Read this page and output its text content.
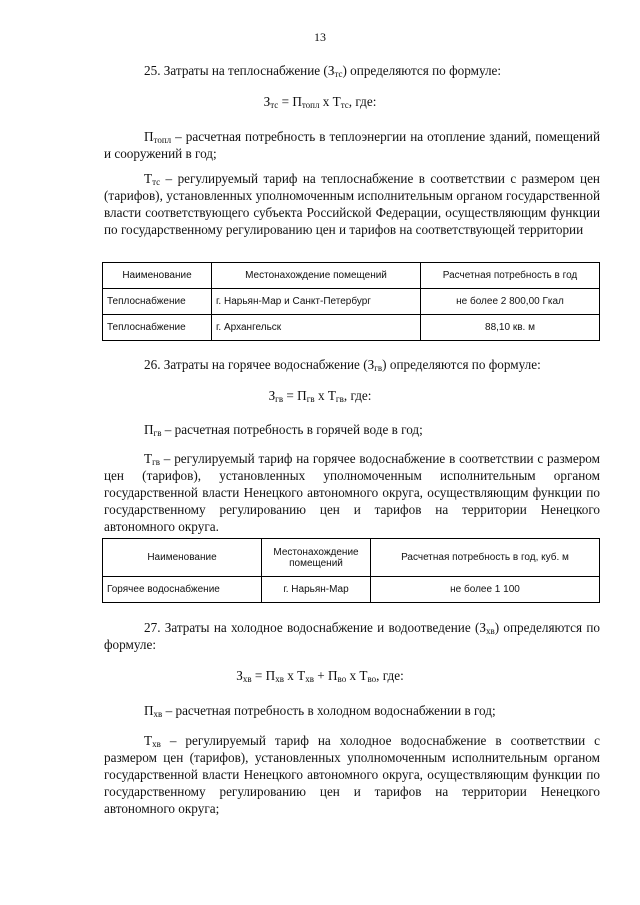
13
25. Затраты на теплоснабжение $(З_{тс})$ определяются по формуле:
$З_{тс} = П_{топл}$ х $Т_{тс}$, где:
$П_{топл}$ – расчетная потребность в теплоэнергии на отопление зданий, помещений и сооружений в год;
$Т_{тс}$ – регулируемый тариф на теплоснабжение в соответствии с размером цен (тарифов), установленных уполномоченным исполнительным органом государственной власти соответствующего субъекта Российской Федерации, осуществляющим функции по государственному регулированию цен и тарифов на соответствующей территории
Наименование	Местонахождение помещений	Расчетная потребность в год
Теплоснабжение	г. Нарьян-Мар и Санкт-Петербург	не более 2 800,00 Гкал
Теплоснабжение	г. Архангельск	88,10 кв. м
26. Затраты на горячее водоснабжение $(З_{гв})$ определяются по формуле:
$З_{гв} = П_{гв}$ х $Т_{гв}$, где:
$П_{гв}$ – расчетная потребность в горячей воде в год;
$Т_{гв}$ – регулируемый тариф на горячее водоснабжение в соответствии с размером цен (тарифов), установленных уполномоченным исполнительным органом государственной власти Ненецкого автономного округа, осуществляющим функции по государственному регулированию цен и тарифов на территории Ненецкого автономного округа.
Наименование	Местонахождение помещений	Расчетная потребность в год, куб. м
Горячее водоснабжение	г. Нарьян-Мар	не более 1 100
27. Затраты на холодное водоснабжение и водоотведение $(З_{хв})$ определяются по формуле:
$З_{хв} = П_{хв}$ х $Т_{хв} + П_{во}$ х $Т_{во}$, где:
$П_{хв}$ – расчетная потребность в холодном водоснабжении в год;
$Т_{хв}$ – регулируемый тариф на холодное водоснабжение в соответствии с размером цен (тарифов), установленных уполномоченным исполнительным органом государственной власти Ненецкого автономного округа, осуществляющим функции по государственному регулированию цен и тарифов на территории Ненецкого автономного округа;
